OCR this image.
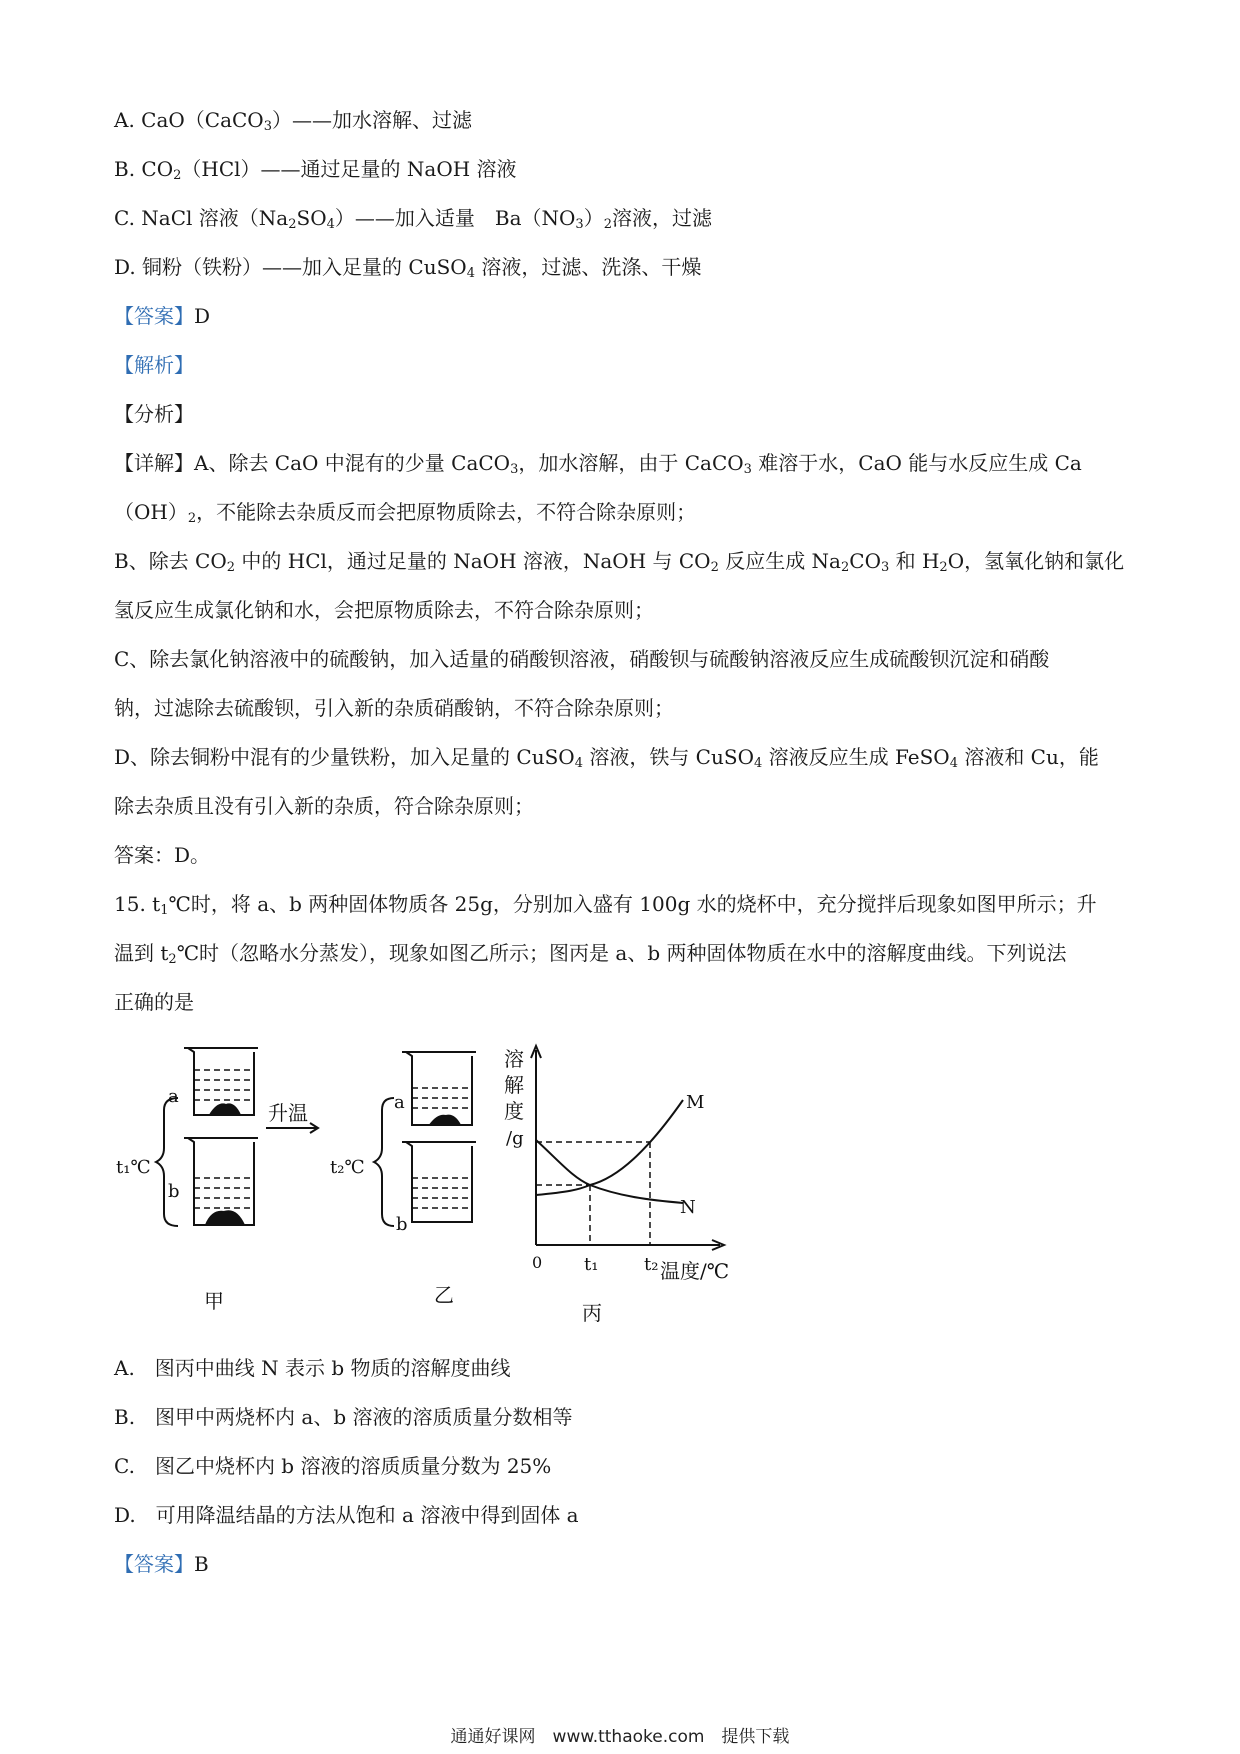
A. CaO（CaCO$_3$）——加水溶解、过滤
B. $CO_2(HCl)——$通过足量的 NaOH 溶液
C. NaCl 溶液$(Na_2SO_4)——$加入适量　$Ba(NO_3)_2$溶液，过滤
D. 铜粉（铁粉）——加入足量的 CuSO$_4$ 溶液，过滤、洗涤、干燥
【答案】D
【解析】
【分析】
【详解】A、除去 CaO 中混有的少量 CaCO$_3$，加水溶解，由于 CaCO$_3$ 难溶于水，CaO 能与水反应生成 Ca
$(OH)_2$，不能除去杂质反而会把原物质除去，不符合除杂原则；
B、除去 $CO_2$ 中的 HCl，通过足量的 NaOH 溶液，NaOH 与 $CO_2$ 反应生成 $Na_2CO_3$ 和 $H_2O$，氢氧化钠和氯化
氢反应生成氯化钠和水，会把原物质除去，不符合除杂原则；
C、除去氯化钠溶液中的硫酸钠，加入适量的硝酸钡溶液，硝酸钡与硫酸钠溶液反应生成硫酸钡沉淀和硝酸
钠，过滤除去硫酸钡，引入新的杂质硝酸钠，不符合除杂原则；
D、除去铜粉中混有的少量铁粉，加入足量的 CuSO$_4$ 溶液，铁与 CuSO$_4$ 溶液反应生成 FeSO$_4$ 溶液和 Cu，能
除去杂质且没有引入新的杂质，符合除杂原则；
答案：D。
15. $t_1℃$时，将 a、b 两种固体物质各 25g，分别加入盛有 100g 水的烧杯中，充分搅拌后现象如图甲所示；升
温到 $t_2℃$时（忽略水分蒸发），现象如图乙所示；图丙是 a、b 两种固体物质在水中的溶解度曲线。下列说法
正确的是
t₁℃
a
b
升温
t₂℃
a
b
溶
解
度
/g
M
N
0 t₁	t₂ 温度/℃
甲	乙
丙
A.　图丙中曲线 N 表示 b 物质的溶解度曲线
B.　图甲中两烧杯内 a、b 溶液的溶质质量分数相等
C.　图乙中烧杯内 b 溶液的溶质质量分数为 25%
D.　可用降温结晶的方法从饱和 a 溶液中得到固体 a
【答案】B
通通好课网　www.tthaoke.com　提供下载
